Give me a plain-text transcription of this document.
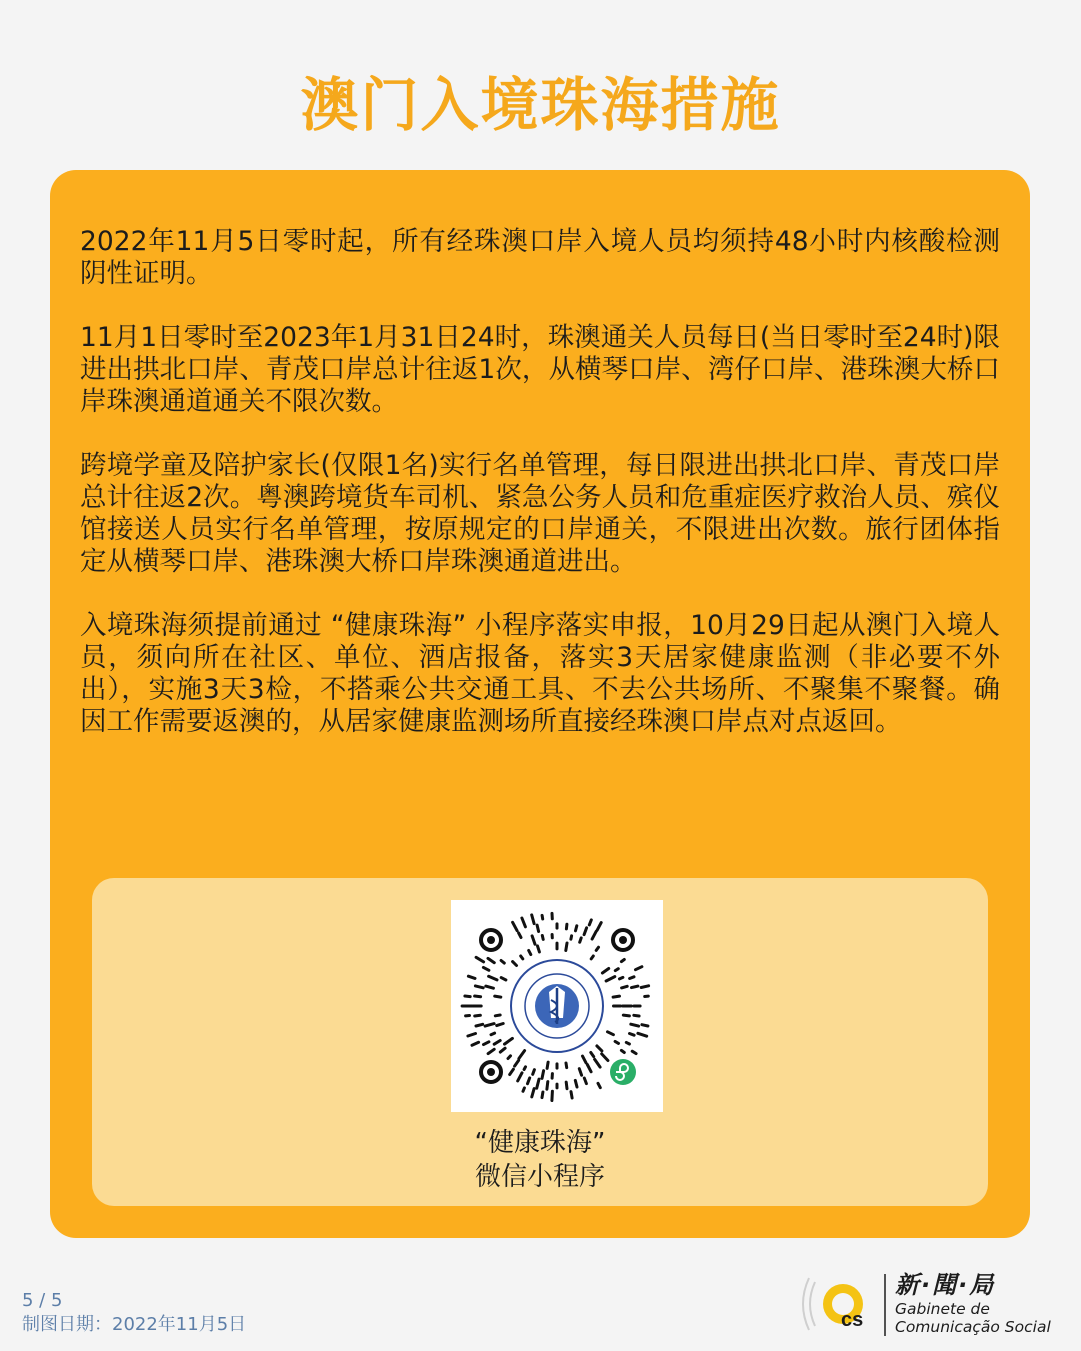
澳门入境珠海措施

2022年11月5日零时起，所有经珠澳口岸入境人员均须持48小时内核酸检测阴性证明。

11月1日零时至2023年1月31日24时，珠澳通关人员每日(当日零时至24时)限进出拱北口岸、青茂口岸总计往返1次，从横琴口岸、湾仔口岸、港珠澳大桥口岸珠澳通道通关不限次数。

跨境学童及陪护家长(仅限1名)实行名单管理，每日限进出拱北口岸、青茂口岸总计往返2次。粤澳跨境货车司机、紧急公务人员和危重症医疗救治人员、殡仪馆接送人员实行名单管理，按原规定的口岸通关，不限进出次数。旅行团体指定从横琴口岸、港珠澳大桥口岸珠澳通道进出。

入境珠海须提前通过 “健康珠海” 小程序落实申报，10月29日起从澳门入境人员，须向所在社区、单位、酒店报备，落实3天居家健康监测（非必要不外出），实施3天3检，不搭乘公共交通工具、不去公共场所、不聚集不聚餐。确因工作需要返澳的，从居家健康监测场所直接经珠澳口岸点对点返回。

“健康珠海”
微信小程序
5 / 5
制图日期：2022年11月5日	cs
新·聞·局
Gabinete de
Comunicação Social
